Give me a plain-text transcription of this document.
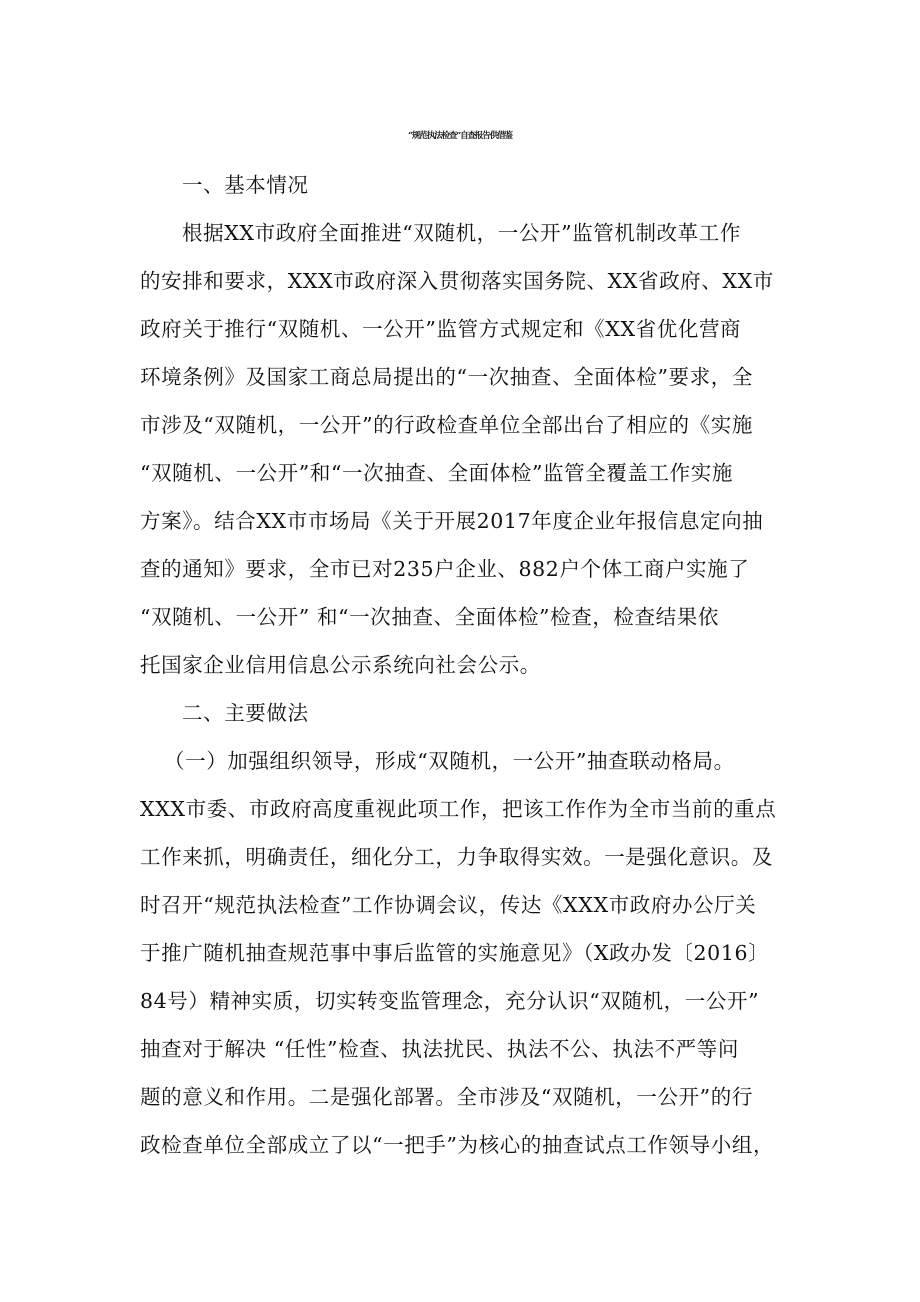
“规范执法检查”自查报告供借鉴
一、基本情况
根据XX市政府全面推进“双随机，一公开”监管机制改革工作
的安排和要求，XXX市政府深入贯彻落实国务院、XX省政府、XX市
政府关于推行“双随机、一公开”监管方式规定和《XX省优化营商
环境条例》及国家工商总局提出的“一次抽查、全面体检”要求，全
市涉及“双随机，一公开”的行政检查单位全部出台了相应的《实施
“双随机、一公开”和“一次抽查、全面体检”监管全覆盖工作实施
方案》。结合XX市市场局《关于开展2017年度企业年报信息定向抽
查的通知》要求，全市已对235户企业、882户个体工商户实施了
“双随机、一公开” 和“一次抽查、全面体检”检查，检查结果依
托国家企业信用信息公示系统向社会公示。
二、主要做法
（一）加强组织领导，形成“双随机，一公开”抽查联动格局。
XXX市委、市政府高度重视此项工作，把该工作作为全市当前的重点
工作来抓，明确责任，细化分工，力争取得实效。一是强化意识。及
时召开“规范执法检查”工作协调会议，传达《XXX市政府办公厅关
于推广随机抽查规范事中事后监管的实施意见》（X政办发〔2016〕
84号）精神实质，切实转变监管理念，充分认识“双随机，一公开”
抽查对于解决 “任性”检查、执法扰民、执法不公、执法不严等问
题的意义和作用。二是强化部署。全市涉及“双随机，一公开”的行
政检查单位全部成立了以“一把手”为核心的抽查试点工作领导小组，
